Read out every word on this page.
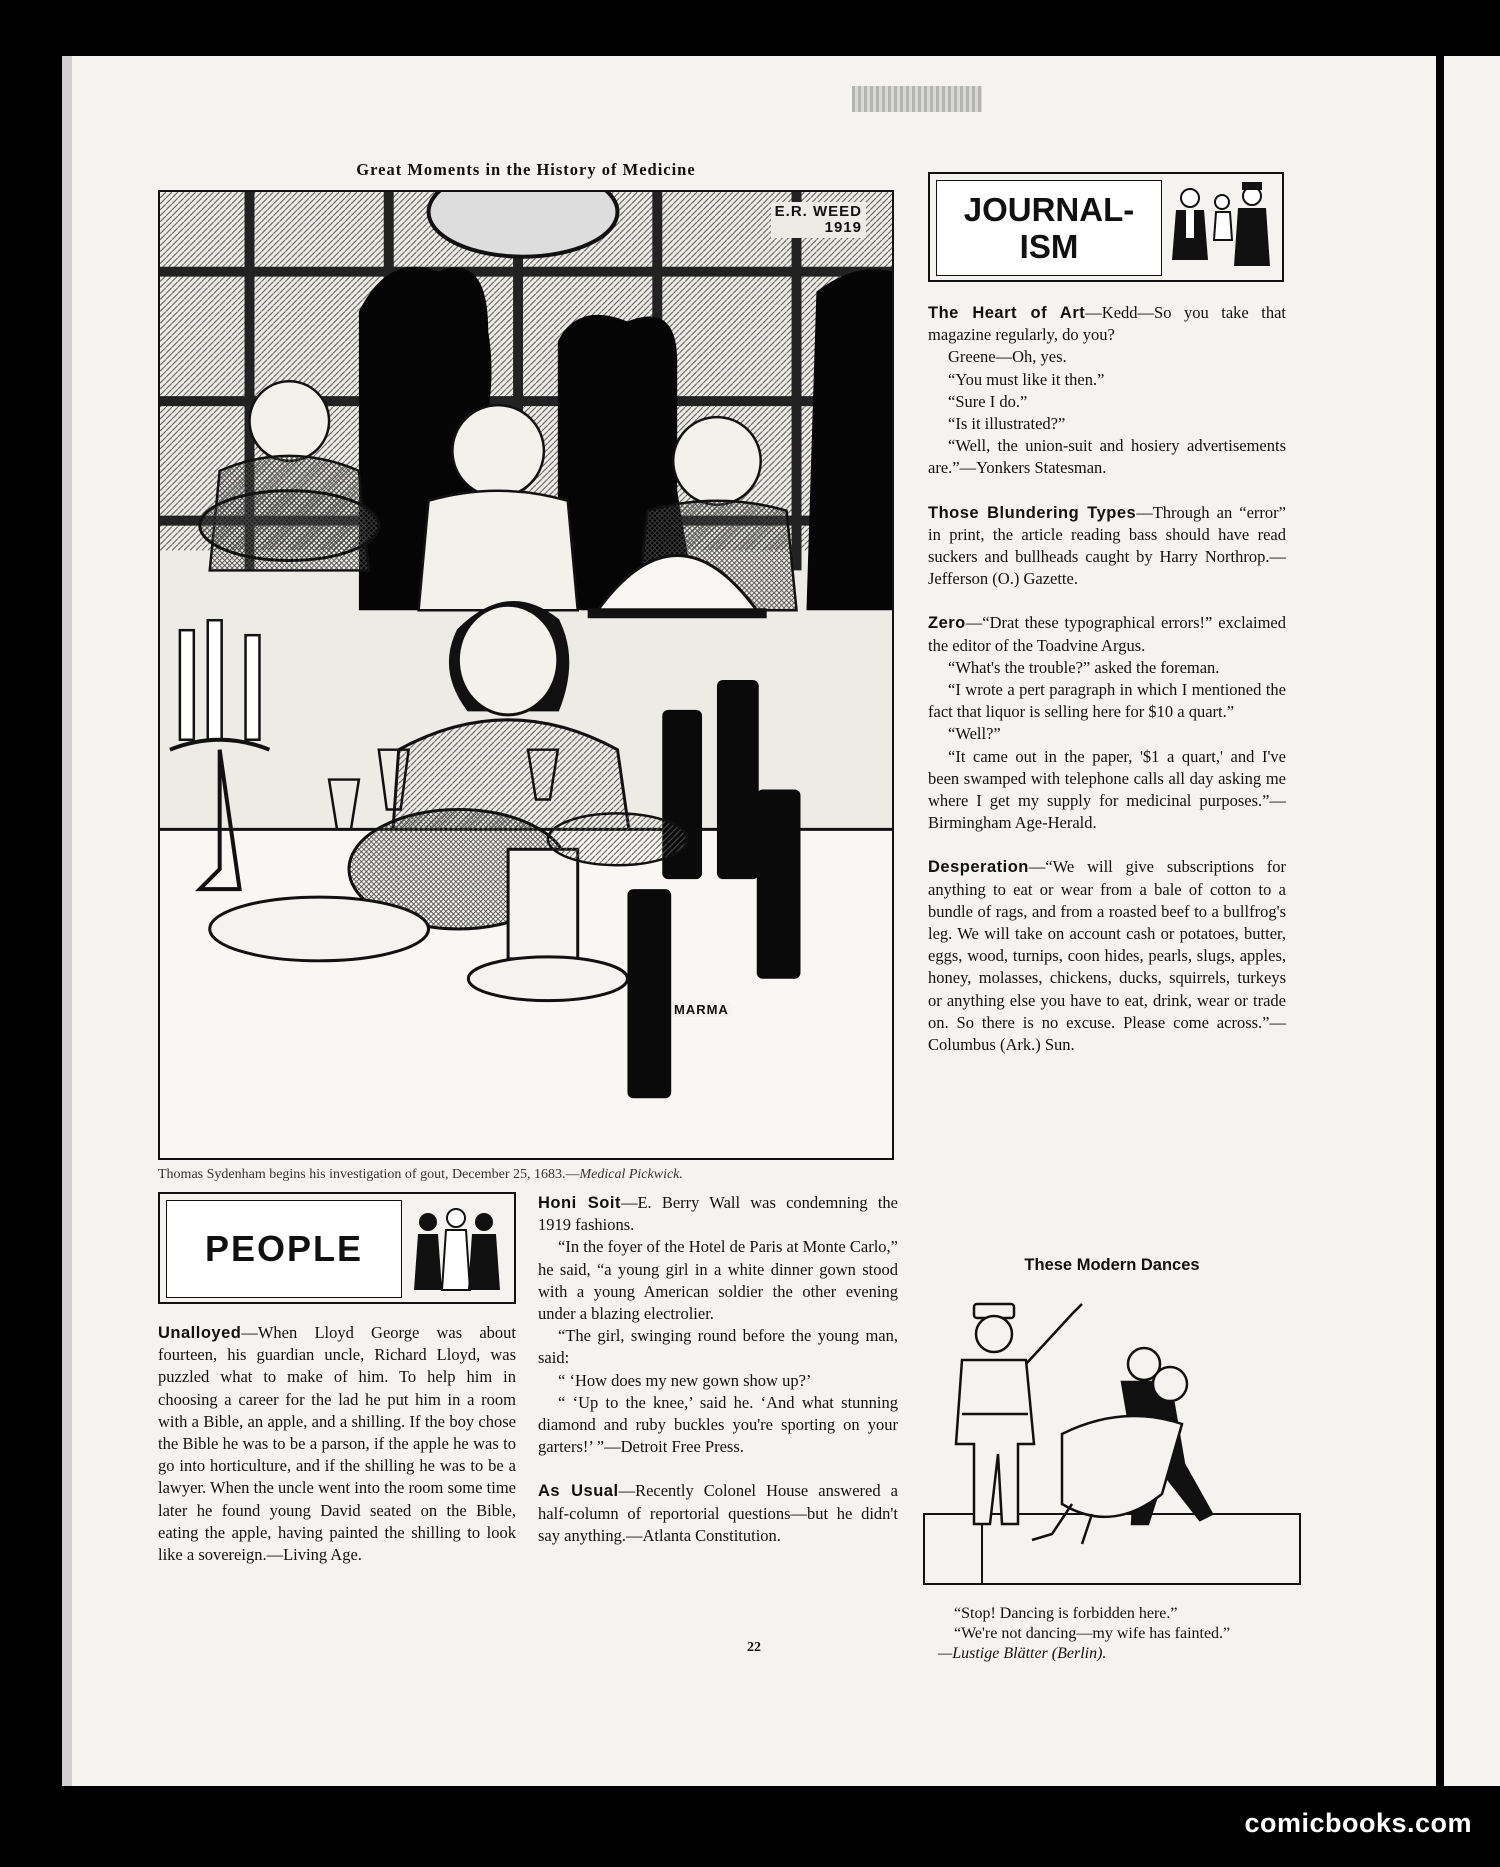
Great Moments in the History of Medicine
E.R. WEED
1919
MARMA
Thomas Sydenham begins his investigation of gout, December 25, 1683.—Medical Pickwick.
JOURNAL-
ISM

The Heart of Art—Kedd—So you take that magazine regularly, do you?

Greene—Oh, yes.

“You must like it then.”

“Sure I do.”

“Is it illustrated?”

“Well, the union-suit and hosiery advertisements are.”—Yonkers Statesman.

Those Blundering Types—Through an “error” in print, the article reading bass should have read suckers and bullheads caught by Harry Northrop.—Jefferson (O.) Gazette.

Zero—“Drat these typographical errors!” exclaimed the editor of the Toadvine Argus.

“What's the trouble?” asked the foreman.

“I wrote a pert paragraph in which I mentioned the fact that liquor is selling here for $10 a quart.”

“Well?”

“It came out in the paper, '$1 a quart,' and I've been swamped with telephone calls all day asking me where I get my supply for medicinal purposes.”—Birmingham Age-Herald.

Desperation—“We will give subscriptions for anything to eat or wear from a bale of cotton to a bundle of rags, and from a roasted beef to a bullfrog's leg. We will take on account cash or potatoes, butter, eggs, wood, turnips, coon hides, pearls, slugs, apples, honey, molasses, chickens, ducks, squirrels, turkeys or anything else you have to eat, drink, wear or trade on. So there is no excuse. Please come across.”—Columbus (Ark.) Sun.

PEOPLE

Unalloyed—When Lloyd George was about fourteen, his guardian uncle, Richard Lloyd, was puzzled what to make of him. To help him in choosing a career for the lad he put him in a room with a Bible, an apple, and a shilling. If the boy chose the Bible he was to be a parson, if the apple he was to go into horticulture, and if the shilling he was to be a lawyer. When the uncle went into the room some time later he found young David seated on the Bible, eating the apple, having painted the shilling to look like a sovereign.—Living Age.

Honi Soit—E. Berry Wall was condemning the 1919 fashions.

“In the foyer of the Hotel de Paris at Monte Carlo,” he said, “a young girl in a white dinner gown stood with a young American soldier the other evening under a blazing electrolier.

“The girl, swinging round before the young man, said:

“ ‘How does my new gown show up?’

“ ‘Up to the knee,’ said he. ‘And what stunning diamond and ruby buckles you're sporting on your garters!’ ”—Detroit Free Press.

As Usual—Recently Colonel House answered a half-column of reportorial questions—but he didn't say anything.—Atlanta Constitution.

These Modern Dances

“Stop! Dancing is forbidden here.”

“We're not dancing—my wife has fainted.”

—Lustige Blätter (Berlin).

22
comicbooks.com
